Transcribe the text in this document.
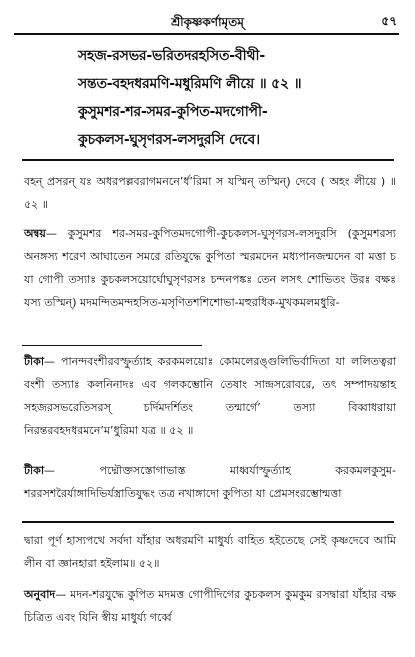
শ্রীকৃষ্ণকর্ণামৃতম্‌	৫৭
সহজ-রসভর-ভরিতদরহসিত-বীথী-
সন্তত-বহদধরমণি-মধুরিমণি লীয়ে ॥ ৫২ ॥
কুসুমশর-শর-সমর-কুপিত-মদগোপী-
কুচকলস-ঘুসৃণরস-লসদুরসি দেবে।
বহন্‌ প্রসরন্‌ যঃ অধরপল্লবরাগমননে’র্ধ’রিমা স যস্মিন্‌ তস্মিন্‌) দেবে ( অহং লীয়ে ) ॥ ৫২ ॥
অন্বয়— কুসুমশর শর-সমর-কুপিতমদগোপী-কুচকলস-ঘুসৃণরস-লসদুরসি (কুসুমশরস্য অনঙ্গস্য শরেণ আঘাতেন সমরে রতিযুদ্ধে কুপিতা স্মরমদেন মধ্যপানজন্মদেন বা মত্তা চ যা গোপী তস্যাঃ কুচকলসয়োর্ঘোঘুসৃণরসঃ চন্দনপঙ্কঃ তেন লসৎ শোভিতং উরঃ বক্ষঃ যস্য তস্মিন্‌) মদমন্দিতমন্দহসিত-মসৃণিতশশিশোভা-মহুরধিক-মুখকমলমধুরি-
টীকা— পানন্দবংশীরবস্ফুর্ত্যাহ করকমলয়োঃ কোমলেরঙ্গুলিভির্বাদিতা যা ললিতত্বরা বংশী তস্যাঃ কলনিনাদঃ এব গলকম্ভোনি তেষাং সান্দ্রসরোবরে, তৎ সম্পাদয়ন্তাহ সহজরসভরেতিসরস্ চর্দিমদর্শিতং তন্মার্গে’ তস্যা বিব্বাধরায়া নিরন্তরবহদধরমনে’ম’ধুরিমা যত্র ॥ ৫২ ॥
টীকা— পদ্মৌক্তসস্তোগাভাস্ত মাধ্বর্যাস্ফুর্ত্যাহ করকমলকুসুম-শররসশরৈর্যাঙ্গাদিভির্যস্ত্রাতিযুদ্ধং তত্র নখাঙ্গাদো কুপিতা যা প্রেমসংরম্ভোন্মত্তা
দ্বারা পূর্ণ হাস্যপথে সর্বদা যাঁহার অধরমণি মাধুর্য্য বাহিত হইতেছে সেই কৃষ্ণদেবে আমি লীন বা জ্ঞানহারা হইলাম॥ ৫২॥
অনুবাদ— মদন-শরযুদ্ধে কুপিত মদমত্ত গোপীদিগের কুচকলস কুমকুম রসদ্বারা যাঁহার বক্ষ চিত্রিত এবং যিনি স্বীয় মাধুর্য্য গর্ব্বে
